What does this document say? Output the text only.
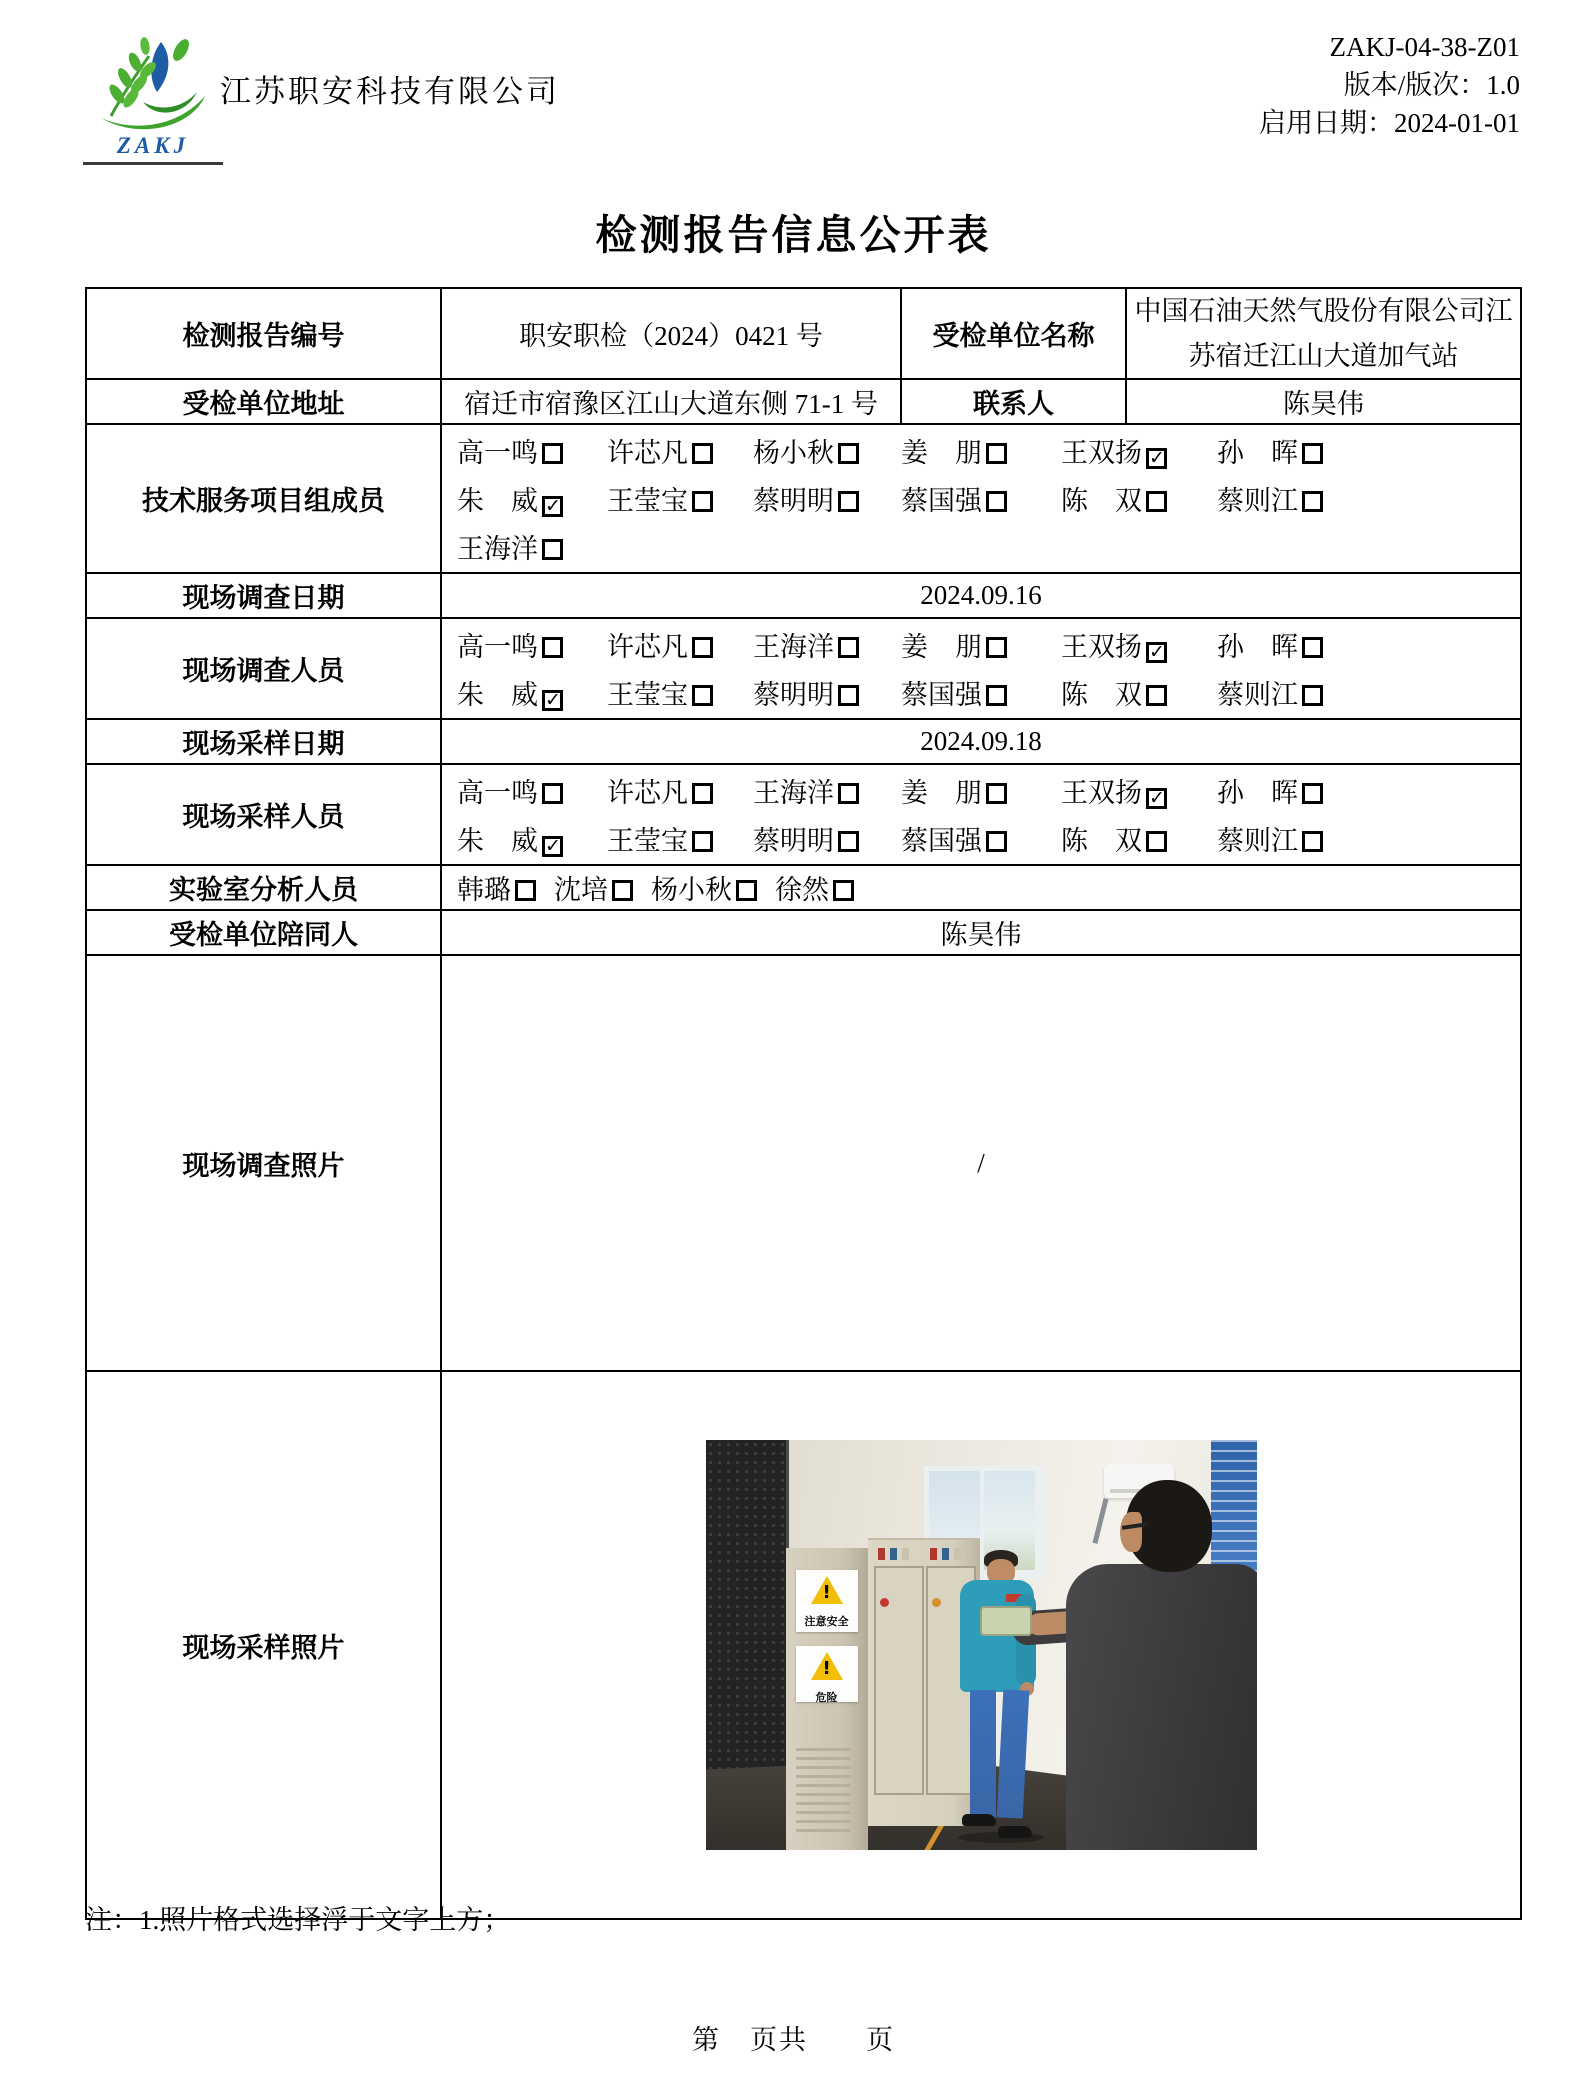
ZAKJ
江苏职安科技有限公司
ZAKJ-04-38-Z01
版本/版次：1.0
启用日期：2024-01-01
检测报告信息公开表
检测报告编号	职安职检（2024）0421 号	受检单位名称	中国石油天然气股份有限公司江苏宿迁江山大道加气站
受检单位地址	宿迁市宿豫区江山大道东侧 71-1 号	联系人	陈昊伟
技术服务项目组成员	
高一鸣	许芯凡	杨小秋	姜　朋	王双扬 ✓	孙　晖
朱　威 ✓	王莹宝	蔡明明	蔡国强	陈　双	蔡则江
王海洋

现场调查日期	2024.09.16		
现场调查人员	
高一鸣	许芯凡	王海洋	姜　朋	王双扬 ✓	孙　晖
朱　威 ✓	王莹宝	蔡明明	蔡国强	陈　双	蔡则江

现场采样日期	2024.09.18		
现场采样人员	
高一鸣	许芯凡	王海洋	姜　朋	王双扬 ✓	孙　晖
朱　威 ✓	王莹宝	蔡明明	蔡国强	陈　双	蔡则江

实验室分析人员	韩璐 沈培 杨小秋 徐然		

受检单位陪同人	陈昊伟		
现场调查照片	/		
现场采样照片	
!
注意安全
!
危险
注：1.照片格式选择浮于文字上方；
第　页共　　页
